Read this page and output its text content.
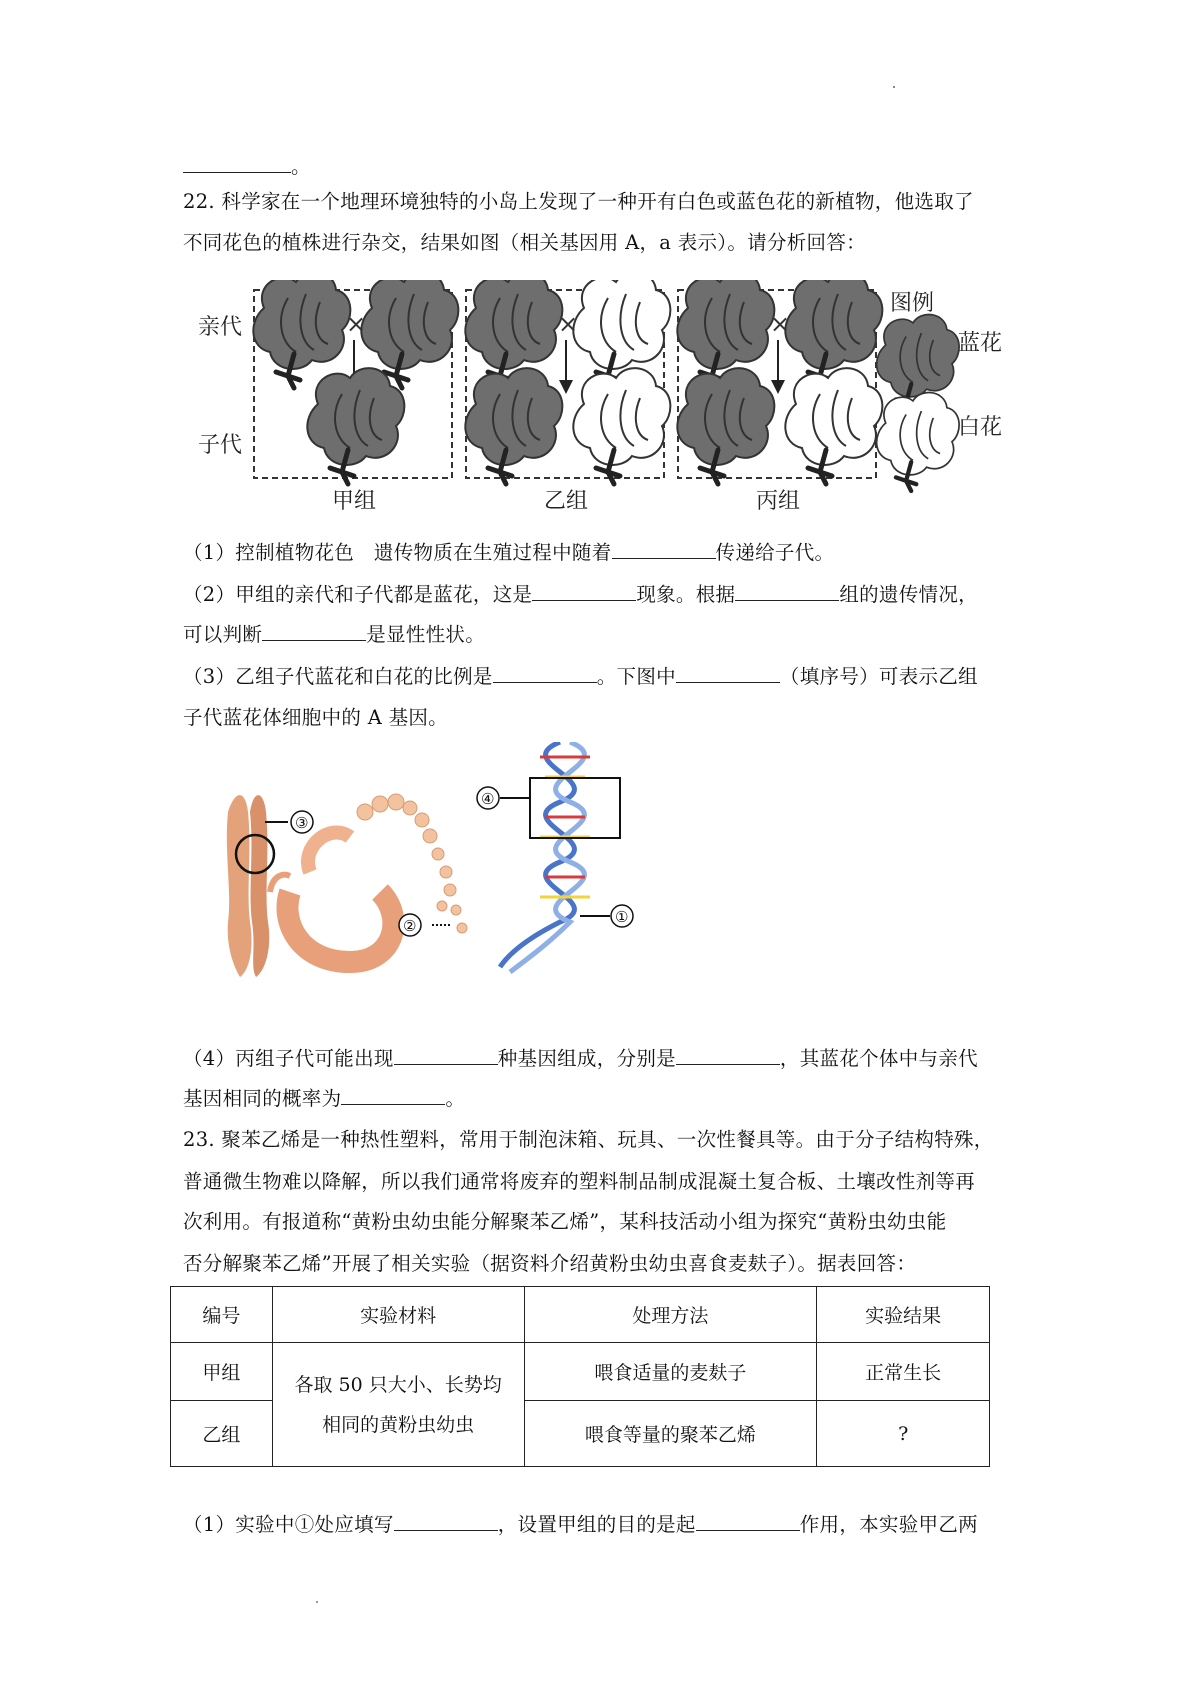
。
22. 科学家在一个地理环境独特的小岛上发现了一种开有白色或蓝色花的新植物，他选取了
不同花色的植株进行杂交，结果如图（相关基因用 A，a 表示）。请分析回答：
亲代
子代
×	×	×
甲组	乙组	丙组
图例
蓝花
白花
（1）控制植物花色　遗传物质在生殖过程中随着	传递给子代。
（2）甲组的亲代和子代都是蓝花，这是	现象。根据	组的遗传情况，
可以判断	是显性性状。
（3）乙组子代蓝花和白花的比例是	。下图中	（填序号）可表示乙组
子代蓝花体细胞中的 A 基因。
③
②
④
①
（4）丙组子代可能出现	种基因组成，分别是	，其蓝花个体中与亲代
基因相同的概率为	。
23. 聚苯乙烯是一种热性塑料，常用于制泡沫箱、玩具、一次性餐具等。由于分子结构特殊，
普通微生物难以降解，所以我们通常将废弃的塑料制品制成混凝土复合板、土壤改性剂等再
次利用。有报道称“黄粉虫幼虫能分解聚苯乙烯”，某科技活动小组为探究“黄粉虫幼虫能
否分解聚苯乙烯”开展了相关实验（据资料介绍黄粉虫幼虫喜食麦麸子）。据表回答：
编号	实验材料	处理方法	实验结果
甲组	各取 50 只大小、长势均
相同的黄粉虫幼虫	喂食适量的麦麸子	正常生长
乙组		喂食等量的聚苯乙烯	?
（1）实验中①处应填写	，设置甲组的目的是起	作用，本实验甲乙两
